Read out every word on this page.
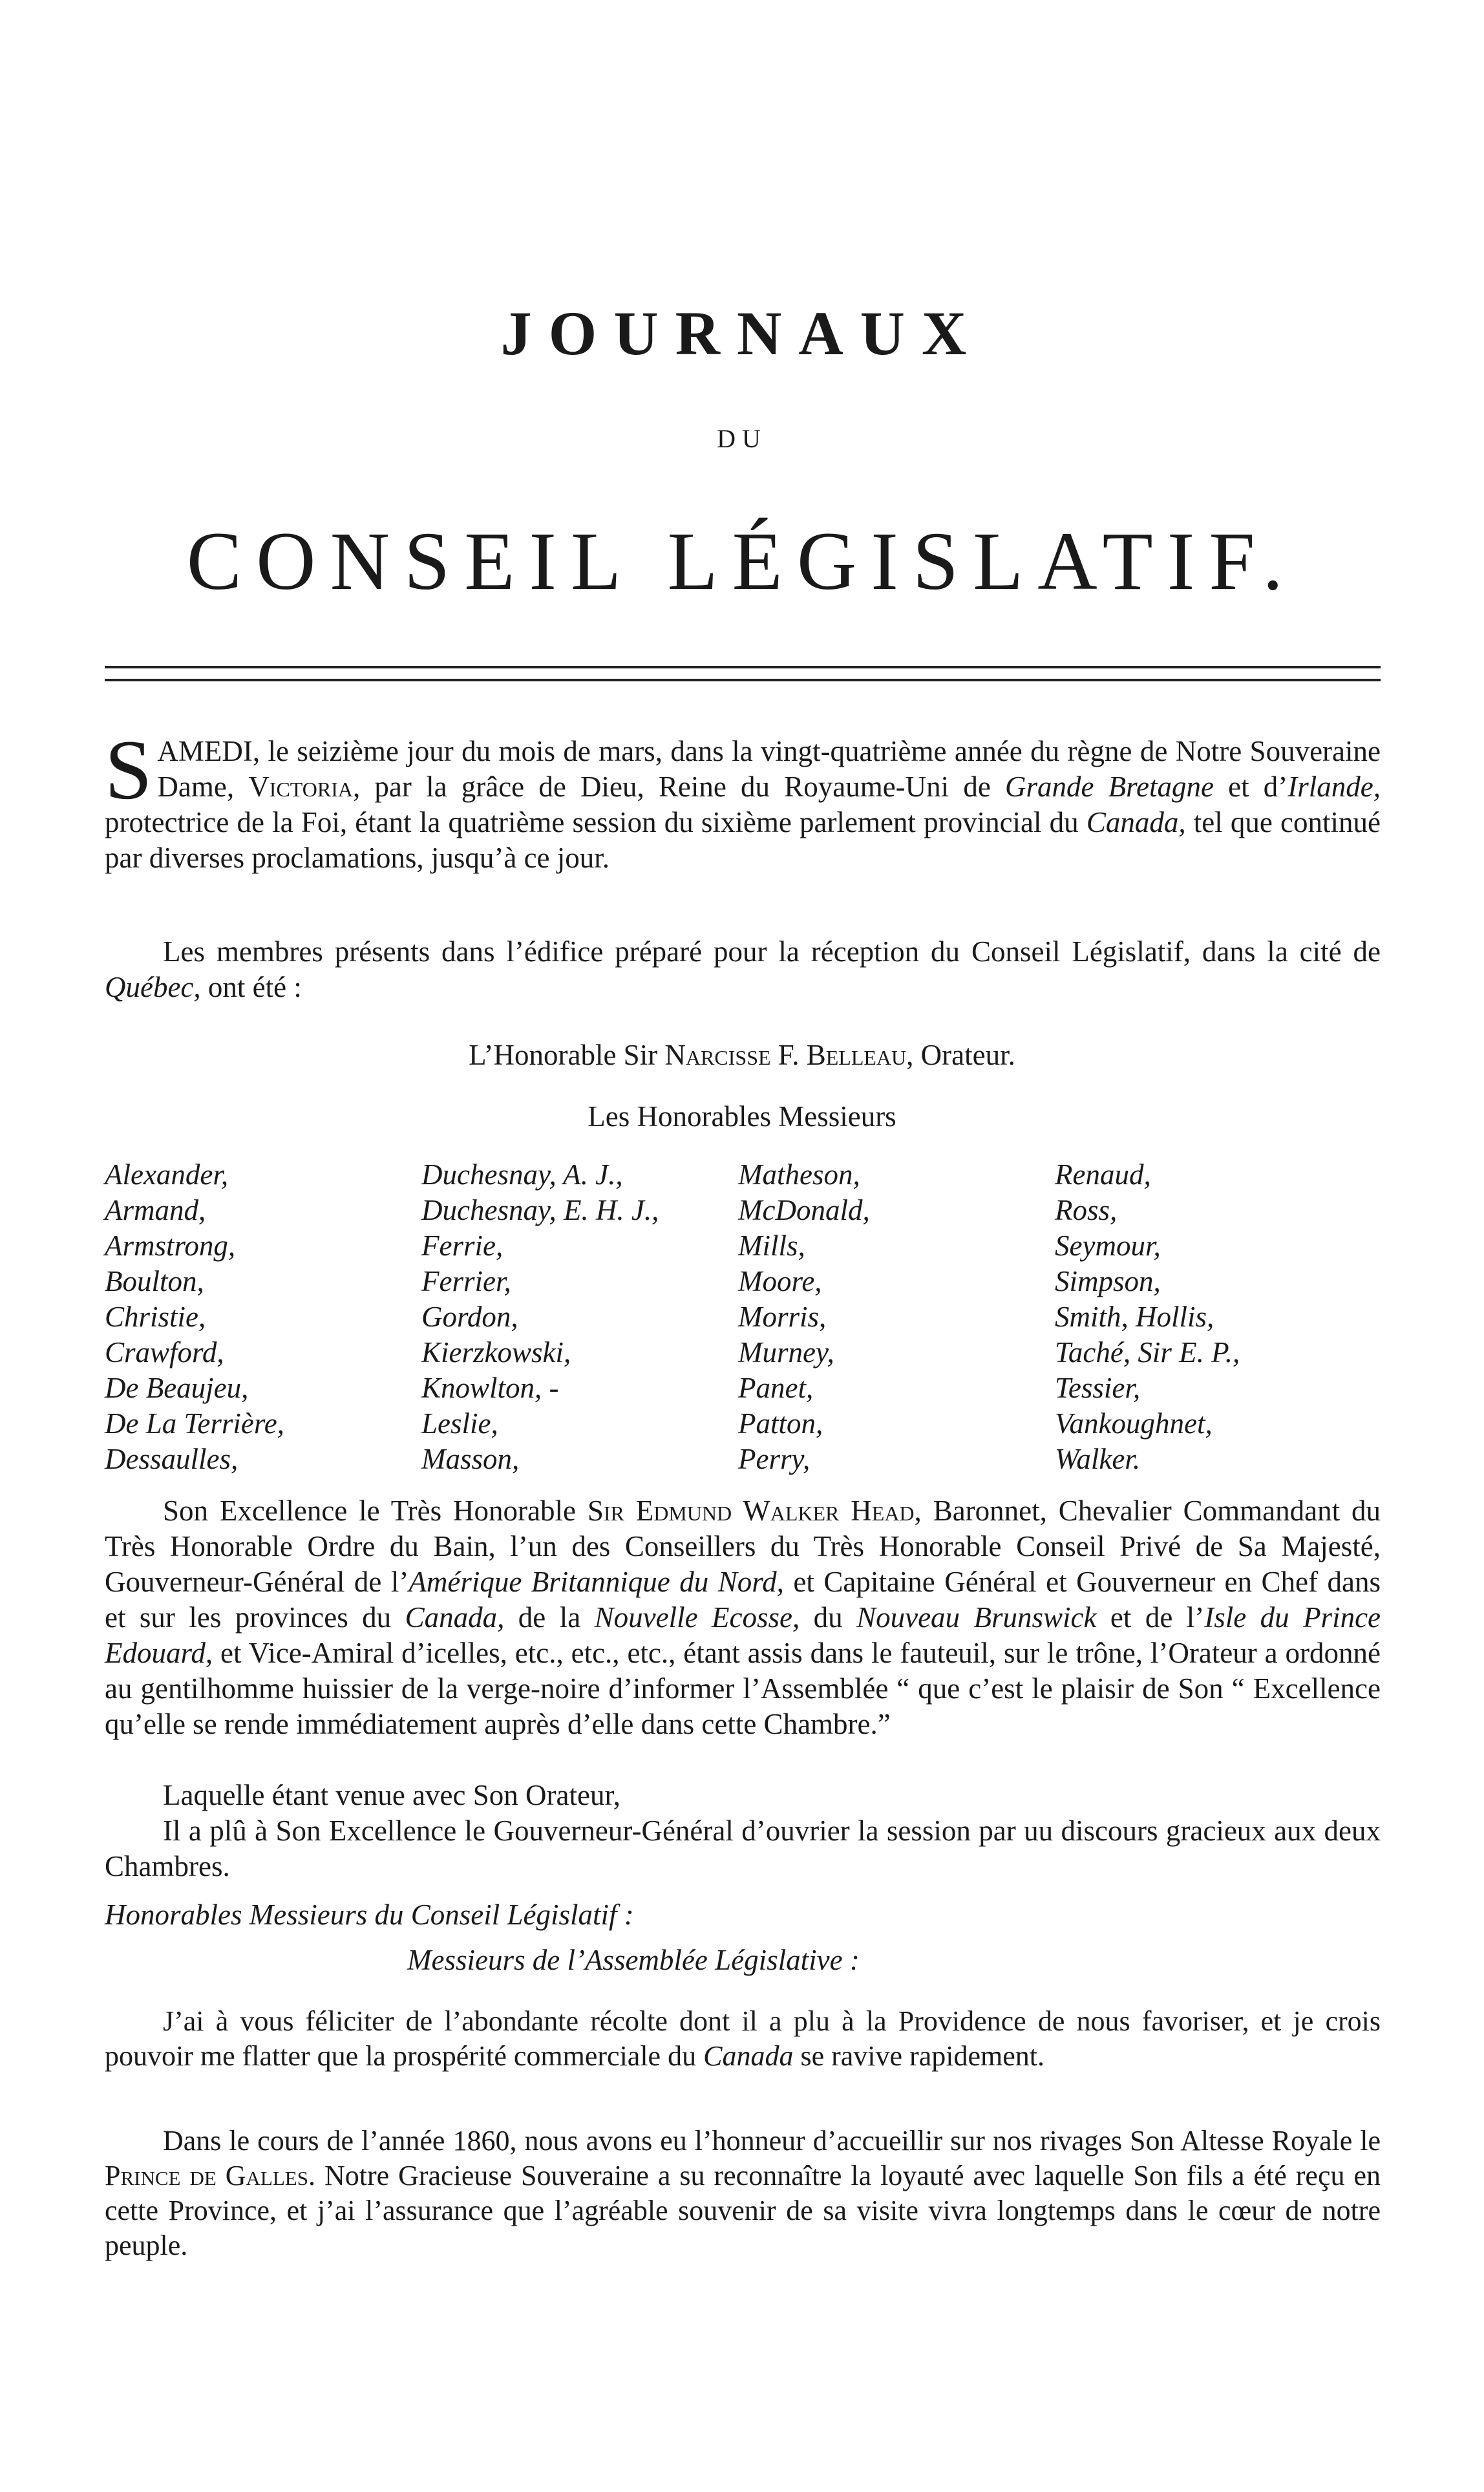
JOURNAUX
DU
CONSEIL LÉGISLATIF.
SAMEDI, le seizième jour du mois de mars, dans la vingt-quatrième année du règne de Notre Souveraine Dame, Victoria, par la grâce de Dieu, Reine du Royaume-Uni de Grande Bretagne et d’Irlande, protectrice de la Foi, étant la quatrième session du sixième parlement provincial du Canada, tel que continué par diverses proclamations, jusqu’à ce jour.
Les membres présents dans l’édifice préparé pour la réception du Conseil Législatif, dans la cité de Québec, ont été :
L’Honorable Sir Narcisse F. Belleau, Orateur.
Les Honorables Messieurs
Alexander,
Armand,
Armstrong,
Boulton,
Christie,
Crawford,
De Beaujeu,
De La Terrière,
Dessaulles,
Duchesnay, A. J.,
Duchesnay, E. H. J.,
Ferrie,
Ferrier,
Gordon,
Kierzkowski,
Knowlton, -
Leslie,
Masson,
Matheson,
McDonald,
Mills,
Moore,
Morris,
Murney,
Panet,
Patton,
Perry,
Renaud,
Ross,
Seymour,
Simpson,
Smith, Hollis,
Taché, Sir E. P.,
Tessier,
Vankoughnet,
Walker.
Son Excellence le Très Honorable Sir Edmund Walker Head, Baronnet, Chevalier Commandant du Très Honorable Ordre du Bain, l’un des Conseillers du Très Honorable Conseil Privé de Sa Majesté, Gouverneur-Général de l’Amérique Britannique du Nord, et Capitaine Général et Gouverneur en Chef dans et sur les provinces du Canada, de la Nouvelle Ecosse, du Nouveau Brunswick et de l’Isle du Prince Edouard, et Vice-Amiral d’icelles, etc., etc., etc., étant assis dans le fauteuil, sur le trône, l’Orateur a ordonné au gentilhomme huissier de la verge-noire d’informer l’Assemblée “ que c’est le plaisir de Son “ Excellence qu’elle se rende immédiatement auprès d’elle dans cette Chambre.”
Laquelle étant venue avec Son Orateur,
Il a plû à Son Excellence le Gouverneur-Général d’ouvrier la session par uu discours gracieux aux deux Chambres.
Honorables Messieurs du Conseil Législatif :
Messieurs de l’Assemblée Législative :
J’ai à vous féliciter de l’abondante récolte dont il a plu à la Providence de nous favoriser, et je crois pouvoir me flatter que la prospérité commerciale du Canada se ravive rapidement.
Dans le cours de l’année 1860, nous avons eu l’honneur d’accueillir sur nos rivages Son Altesse Royale le Prince de Galles. Notre Gracieuse Souveraine a su reconnaître la loyauté avec laquelle Son fils a été reçu en cette Province, et j’ai l’assurance que l’agréable souvenir de sa visite vivra longtemps dans le cœur de notre peuple.
